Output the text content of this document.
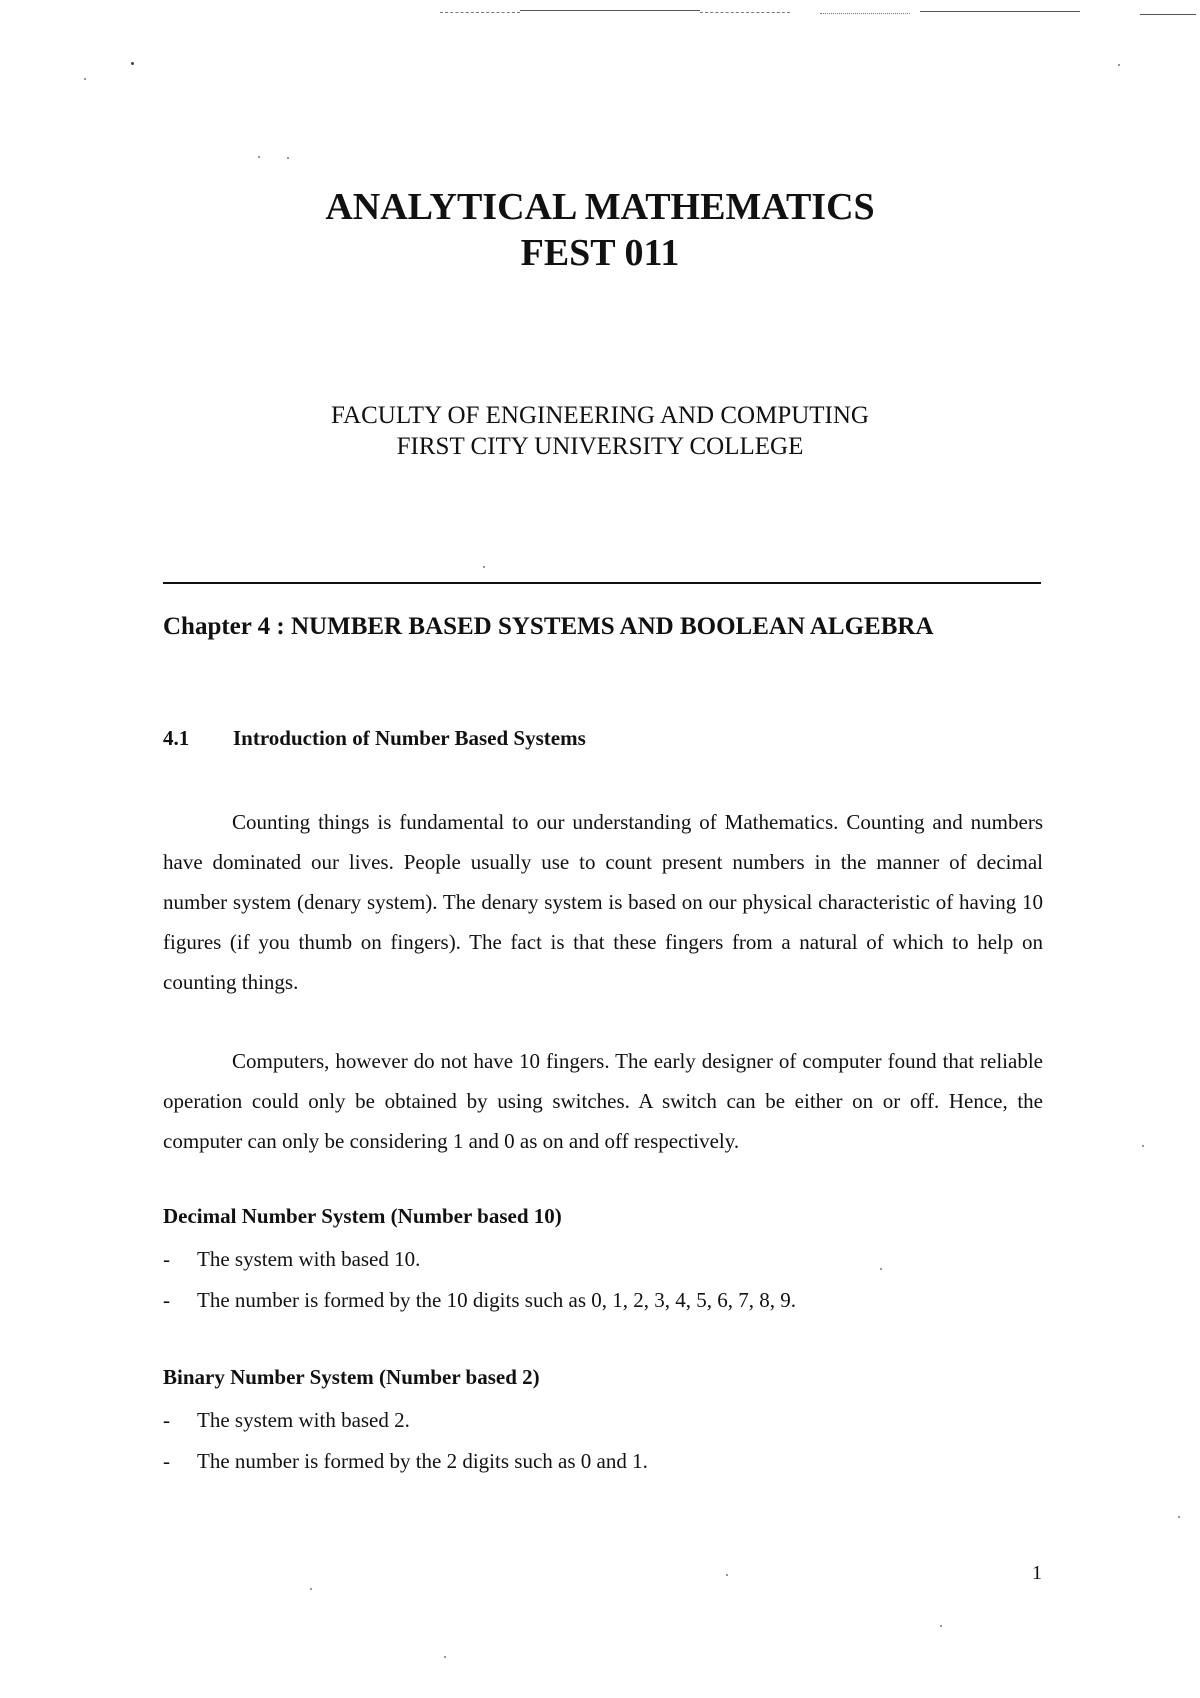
ANALYTICAL MATHEMATICS
FEST 011
FACULTY OF ENGINEERING AND COMPUTING
FIRST CITY UNIVERSITY COLLEGE
Chapter 4 : NUMBER BASED SYSTEMS AND BOOLEAN ALGEBRA
4.1 Introduction of Number Based Systems

Counting things is fundamental to our understanding of Mathematics. Counting and numbers have dominated our lives. People usually use to count present numbers in the manner of decimal number system (denary system). The denary system is based on our physical characteristic of having 10 figures (if you thumb on fingers). The fact is that these fingers from a natural of which to help on counting things.

Computers, however do not have 10 fingers. The early designer of computer found that reliable operation could only be obtained by using switches. A switch can be either on or off. Hence, the computer can only be considering 1 and 0 as on and off respectively.

Decimal Number System (Number based 10)
- The system with based 10.
- The number is formed by the 10 digits such as 0, 1, 2, 3, 4, 5, 6, 7, 8, 9.
Binary Number System (Number based 2)
- The system with based 2.
- The number is formed by the 2 digits such as 0 and 1.
1
